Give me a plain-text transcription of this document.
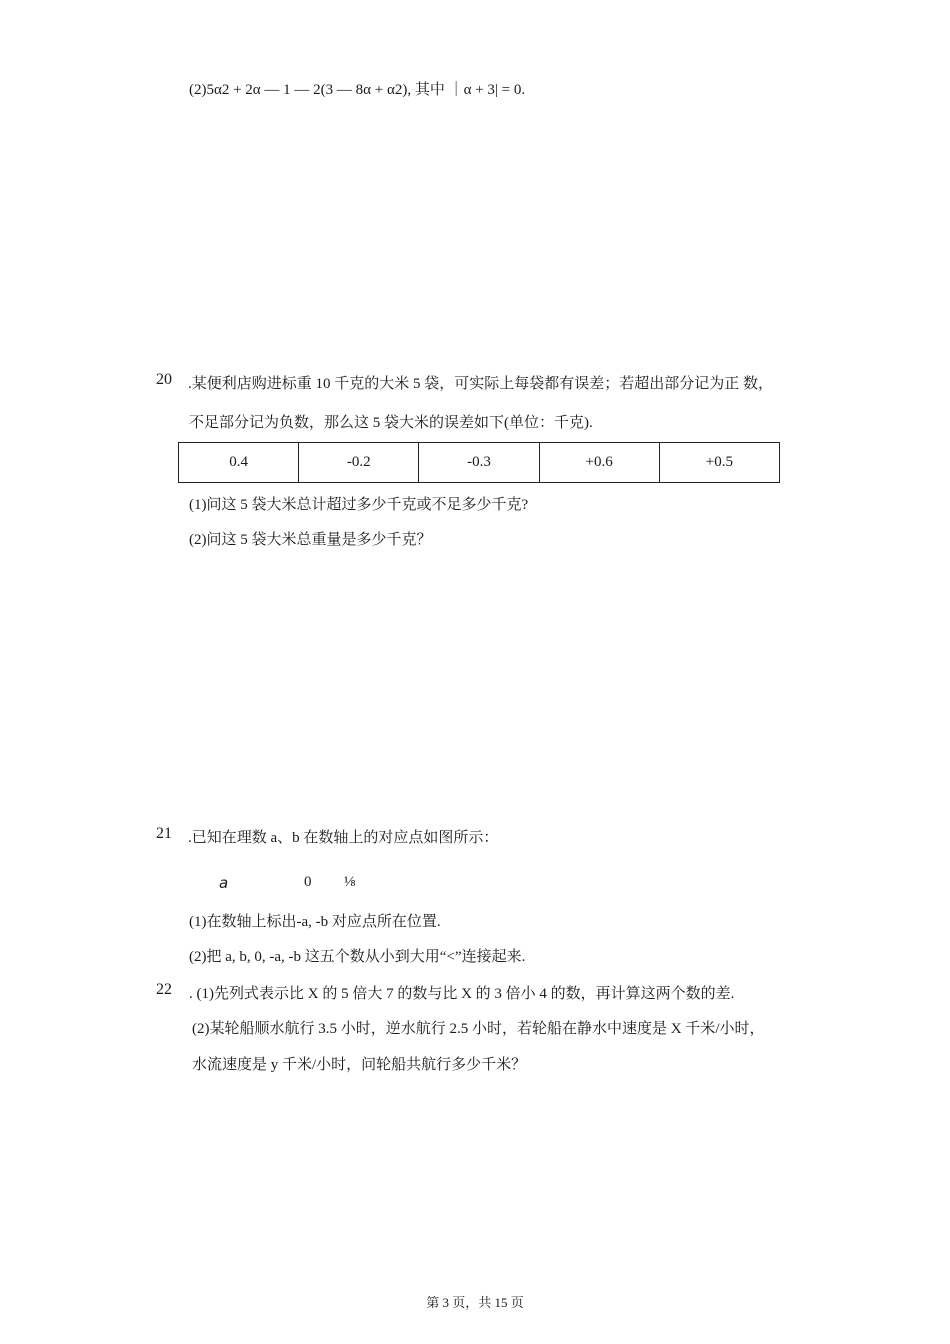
(2)5α2 + 2α — 1 — 2(3 — 8α + α2), 其中 ｜α + 3| = 0.
20 .某便利店购进标重 10 千克的大米 5 袋，可实际上每袋都有误差；若超出部分记为正 数，
不足部分记为负数，那么这 5 袋大米的误差如下(单位：千克).
0.4	-0.2	-0.3	+0.6	+0.5
(1)问这 5 袋大米总计超过多少千克或不足多少千克?
(2)问这 5 袋大米总重量是多少千克？
21 .已知在理数 a、b 在数轴上的对应点如图所示：
a	0 ⅛
(1)在数轴上标出-a, -b 对应点所在位置.
(2)把 a, b, 0, -a, -b 这五个数从小到大用“<”连接起来.
22 . (1)先列式表示比 X 的 5 倍大 7 的数与比 X 的 3 倍小 4 的数，再计算这两个数的差.
(2)某轮船顺水航行 3.5 小时，逆水航行 2.5 小时，若轮船在静水中速度是 X 千米/小时，
水流速度是 y 千米/小时，问轮船共航行多少千米？
第 3 页，共 15 页
